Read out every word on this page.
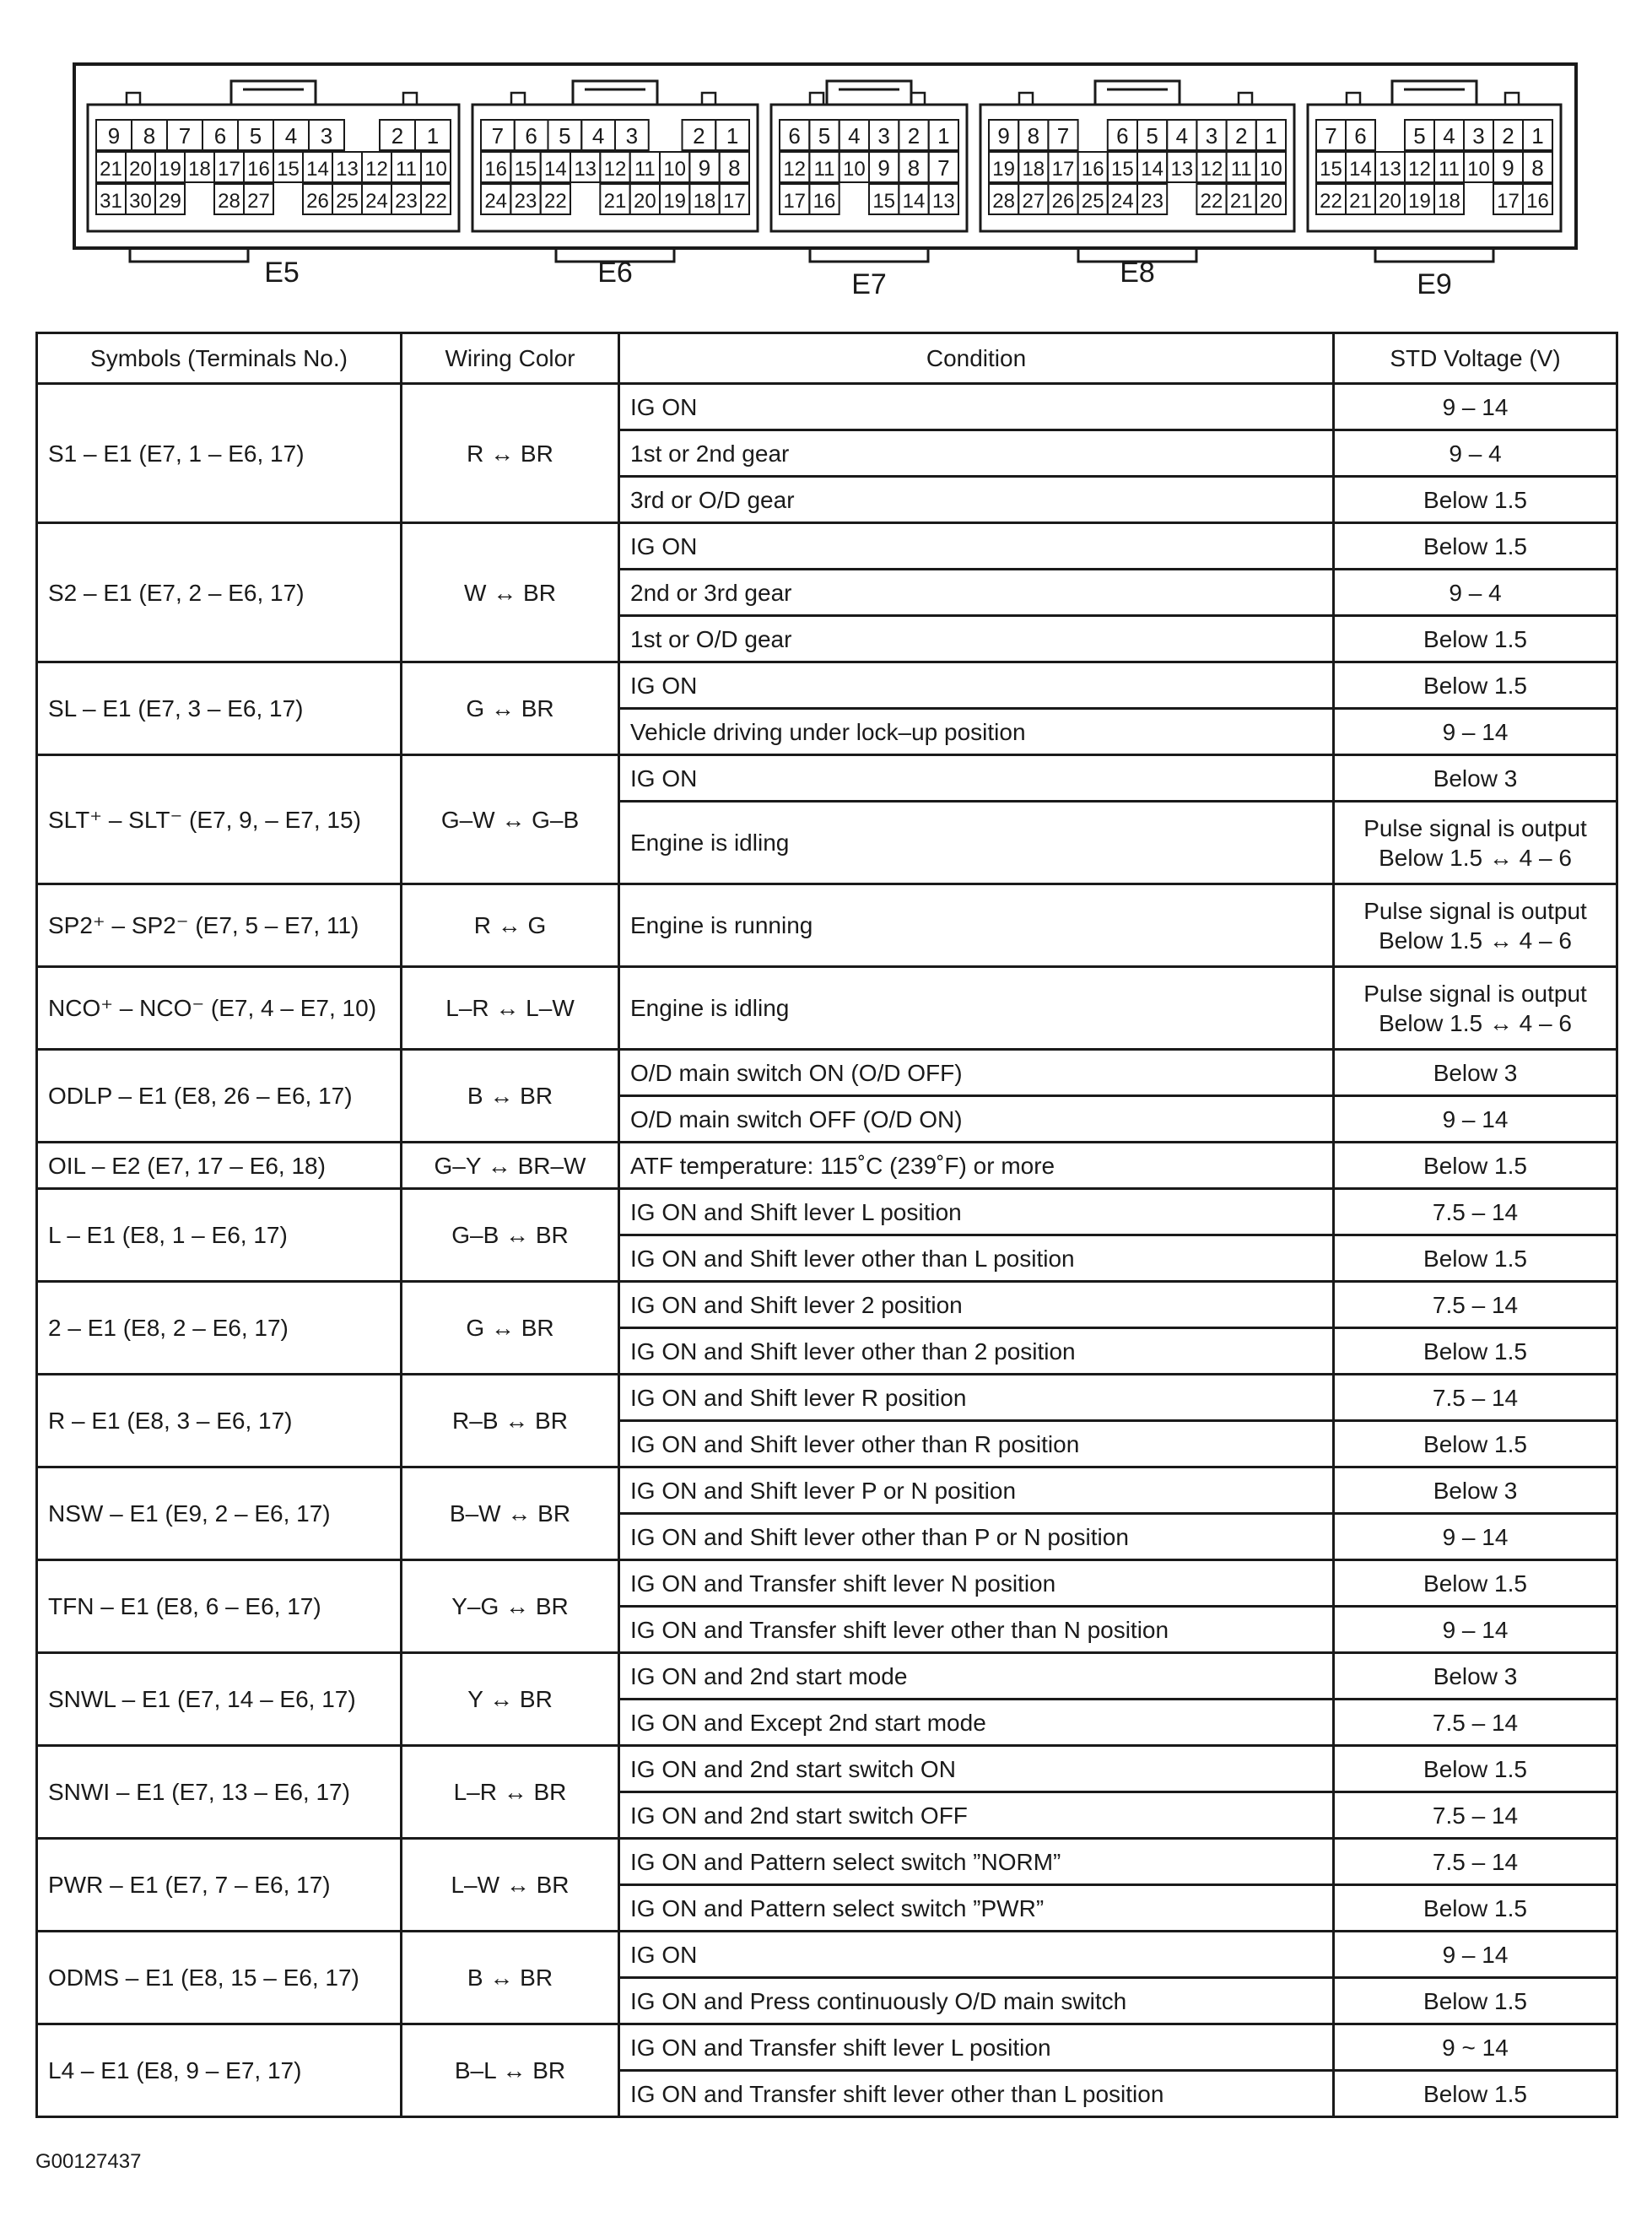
E5
9 8 7 6 5 4 3	2 1
21 20 19 18 17 16 15 14 13 12 11 10
31 30 29 28 27 26 25 24 23 22
E6
7 6 5 4 3	2 1
16 15 14 13 12 11 10 9 8
24 23 22 21 20 19 18 17
E7
6 5 4 3 2 1
12 11 10 9 8 7
17 16 15 14 13
E8
9 8 7 6 5 4 3 2 1
19 18 17 16 15 14 13 12 11 10
28 27 26 25 24 23 22 21 20
E9
7 6 5 4 3 2 1
15 14 13 12 11 10 9 8
22 21 20 19 18 17 16
Symbols (Terminals No.)	Wiring Color	Condition	STD Voltage (V)
S1 – E1 (E7, 1 – E6, 17)	R ↔ BR	IG ON	9 – 14
		1st or 2nd gear	9 – 4
		3rd or O/D gear	Below 1.5
S2 – E1 (E7, 2 – E6, 17)	W ↔ BR	IG ON	Below 1.5
		2nd or 3rd gear	9 – 4
		1st or O/D gear	Below 1.5
SL – E1 (E7, 3 – E6, 17)	G ↔ BR	IG ON	Below 1.5
		Vehicle driving under lock–up position	9 – 14
SLT⁺ – SLT⁻ (E7, 9, – E7, 15)	G–W ↔ G–B	IG ON	Below 3
		Engine is idling	Pulse signal is output
Below 1.5 ↔ 4 – 6

SP2⁺ – SP2⁻ (E7, 5 – E7, 11)	R ↔ G	Engine is running	Pulse signal is output
Below 1.5 ↔ 4 – 6

NCO⁺ – NCO⁻ (E7, 4 – E7, 10)	L–R ↔ L–W	Engine is idling	Pulse signal is output
Below 1.5 ↔ 4 – 6

ODLP – E1 (E8, 26 – E6, 17)	B ↔ BR	O/D main switch ON (O/D OFF)	Below 3
		O/D main switch OFF (O/D ON)	9 – 14
OIL – E2 (E7, 17 – E6, 18)	G–Y ↔ BR–W	ATF temperature: 115˚C (239˚F) or more	Below 1.5
L – E1 (E8, 1 – E6, 17)	G–B ↔ BR	IG ON and Shift lever L position	7.5 – 14
		IG ON and Shift lever other than L position	Below 1.5
2 – E1 (E8, 2 – E6, 17)	G ↔ BR	IG ON and Shift lever 2 position	7.5 – 14
		IG ON and Shift lever other than 2 position	Below 1.5
R – E1 (E8, 3 – E6, 17)	R–B ↔ BR	IG ON and Shift lever R position	7.5 – 14
		IG ON and Shift lever other than R position	Below 1.5
NSW – E1 (E9, 2 – E6, 17)	B–W ↔ BR	IG ON and Shift lever P or N position	Below 3
		IG ON and Shift lever other than P or N position	9 – 14
TFN – E1 (E8, 6 – E6, 17)	Y–G ↔ BR	IG ON and Transfer shift lever N position	Below 1.5
		IG ON and Transfer shift lever other than N position	9 – 14
SNWL – E1 (E7, 14 – E6, 17)	Y ↔ BR	IG ON and 2nd start mode	Below 3
		IG ON and Except 2nd start mode	7.5 – 14
SNWI – E1 (E7, 13 – E6, 17)	L–R ↔ BR	IG ON and 2nd start switch ON	Below 1.5
		IG ON and 2nd start switch OFF	7.5 – 14
PWR – E1 (E7, 7 – E6, 17)	L–W ↔ BR	IG ON and Pattern select switch ”NORM”	7.5 – 14
		IG ON and Pattern select switch ”PWR”	Below 1.5
ODMS – E1 (E8, 15 – E6, 17)	B ↔ BR	IG ON	9 – 14
		IG ON and Press continuously O/D main switch	Below 1.5
L4 – E1 (E8, 9 – E7, 17)	B–L ↔ BR	IG ON and Transfer shift lever L position	9 ~ 14
		IG ON and Transfer shift lever other than L position	Below 1.5
G00127437
